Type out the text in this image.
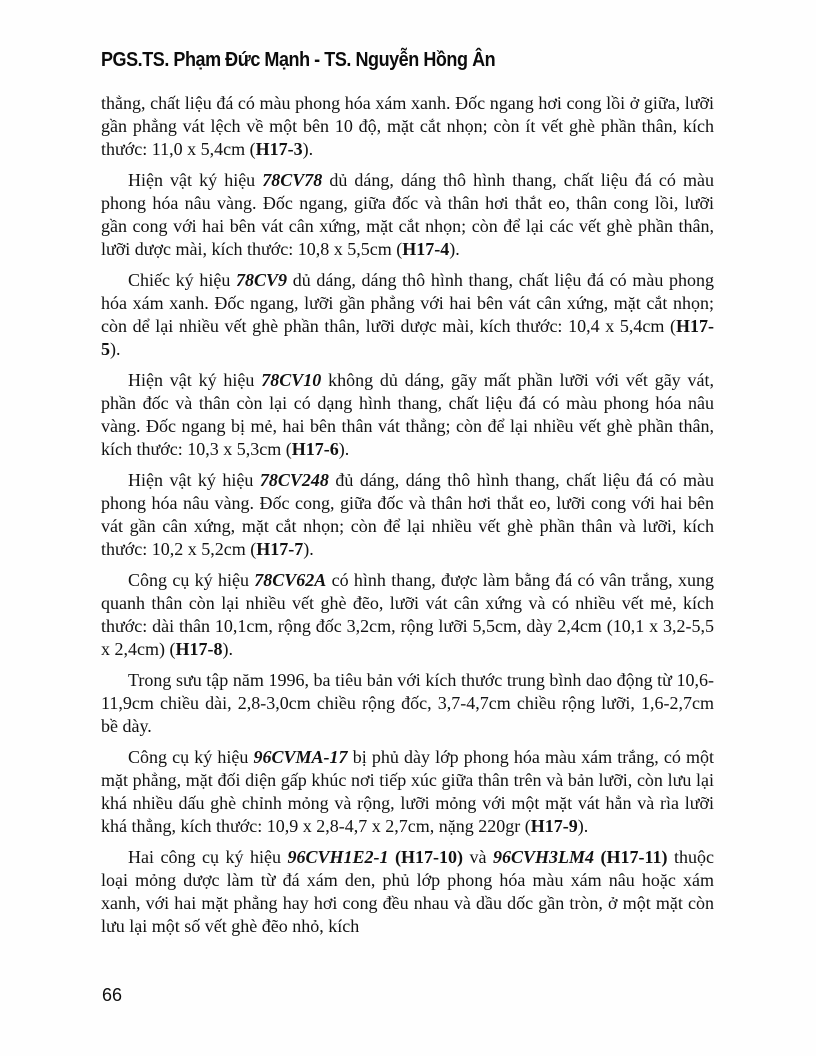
PGS.TS. Phạm Đức Mạnh - TS. Nguyễn Hồng Ân

thẳng, chất liệu đá có màu phong hóa xám xanh. Đốc ngang hơi cong lồi ở giữa, lưỡi gần phẳng vát lệch về một bên 10 độ, mặt cắt nhọn; còn ít vết ghè phần thân, kích thước: 11,0 x 5,4cm (H17-3).

Hiện vật ký hiệu 78CV78 dủ dáng, dáng thô hình thang, chất liệu đá có màu phong hóa nâu vàng. Đốc ngang, giữa đốc và thân hơi thắt eo, thân cong lồi, lưỡi gần cong với hai bên vát cân xứng, mặt cắt nhọn; còn để lại các vết ghè phần thân, lưỡi dược mài, kích thước: 10,8 x 5,5cm (H17-4).

Chiếc ký hiệu 78CV9 dủ dáng, dáng thô hình thang, chất liệu đá có màu phong hóa xám xanh. Đốc ngang, lưỡi gần phẳng với hai bên vát cân xứng, mặt cắt nhọn; còn dể lại nhiều vết ghè phần thân, lưỡi dược mài, kích thước: 10,4 x 5,4cm (H17-5).

Hiện vật ký hiệu 78CV10 không dủ dáng, gãy mất phần lưỡi với vết gãy vát, phần đốc và thân còn lại có dạng hình thang, chất liệu đá có màu phong hóa nâu vàng. Đốc ngang bị mẻ, hai bên thân vát thẳng; còn để lại nhiều vết ghè phần thân, kích thước: 10,3 x 5,3cm (H17-6).

Hiện vật ký hiệu 78CV248 đủ dáng, dáng thô hình thang, chất liệu đá có màu phong hóa nâu vàng. Đốc cong, giữa đốc và thân hơi thắt eo, lưỡi cong với hai bên vát gần cân xứng, mặt cắt nhọn; còn để lại nhiều vết ghè phần thân và lưỡi, kích thước: 10,2 x 5,2cm (H17-7).

Công cụ ký hiệu 78CV62A có hình thang, được làm bằng đá có vân trắng, xung quanh thân còn lại nhiều vết ghè đẽo, lưỡi vát cân xứng và có nhiều vết mẻ, kích thước: dài thân 10,1cm, rộng đốc 3,2cm, rộng lưỡi 5,5cm, dày 2,4cm (10,1 x 3,2-5,5 x 2,4cm) (H17-8).

Trong sưu tập năm 1996, ba tiêu bản với kích thước trung bình dao động từ 10,6-11,9cm chiều dài, 2,8-3,0cm chiều rộng đốc, 3,7-4,7cm chiều rộng lưỡi, 1,6-2,7cm bề dày.

Công cụ ký hiệu 96CVMA-17 bị phủ dày lớp phong hóa màu xám trắng, có một mặt phẳng, mặt đối diện gấp khúc nơi tiếp xúc giữa thân trên và bản lưỡi, còn lưu lại khá nhiều dấu ghè chỉnh mỏng và rộng, lưỡi mỏng với một mặt vát hẳn và rìa lưỡi khá thẳng, kích thước: 10,9 x 2,8-4,7 x 2,7cm, nặng 220gr (H17-9).

Hai công cụ ký hiệu 96CVH1E2-1 (H17-10) và 96CVH3LM4 (H17-11) thuộc loại mỏng dược làm từ đá xám den, phủ lớp phong hóa màu xám nâu hoặc xám xanh, với hai mặt phẳng hay hơi cong đều nhau và dầu dốc gần tròn, ở một mặt còn lưu lại một số vết ghè đẽo nhỏ, kích

66
